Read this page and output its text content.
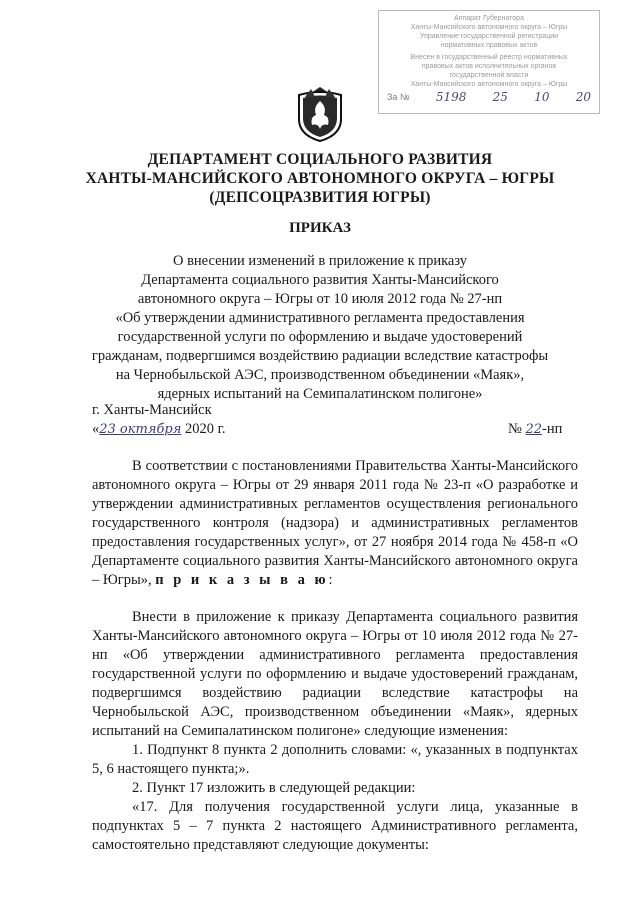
Аппарат Губернатора
Ханты-Мансийского автономного округа – Югры
Управление государственной регистрации
нормативных правовых актов
Внесен в государственный реестр нормативных
правовых актов исполнительных органов
государственной власти
Ханты-Мансийского автономного округа – Югры
За № 5198 25 10 20
ДЕПАРТАМЕНТ СОЦИАЛЬНОГО РАЗВИТИЯ
ХАНТЫ-МАНСИЙСКОГО АВТОНОМНОГО ОКРУГА – ЮГРЫ
(ДЕПСОЦРАЗВИТИЯ ЮГРЫ)
ПРИКАЗ
О внесении изменений в приложение к приказу
Департамента социального развития Ханты-Мансийского
автономного округа – Югры от 10 июля 2012 года № 27-нп
«Об утверждении административного регламента предоставления
государственной услуги по оформлению и выдаче удостоверений
гражданам, подвергшимся воздействию радиации вследствие катастрофы
на Чернобыльской АЭС, производственном объединении «Маяк»,
ядерных испытаний на Семипалатинском полигоне»
г. Ханты-Мансийск
«23 октября 2020 г.	№ 22-нп

В соответствии с постановлениями Правительства Ханты-Мансийского автономного округа – Югры от 29 января 2011 года № 23-п «О разработке и утверждении административных регламентов осуществления регионального государственного контроля (надзора) и административных регламентов предоставления государственных услуг», от 27 ноября 2014 года № 458-п «О Департаменте социального развития Ханты-Мансийского автономного округа – Югры», п р и к а з ы в а ю:

Внести в приложение к приказу Департамента социального развития Ханты-Мансийского автономного округа – Югры от 10 июля 2012 года № 27-нп «Об утверждении административного регламента предоставления государственной услуги по оформлению и выдаче удостоверений гражданам, подвергшимся воздействию радиации вследствие катастрофы на Чернобыльской АЭС, производственном объединении «Маяк», ядерных испытаний на Семипалатинском полигоне» следующие изменения:

1. Подпункт 8 пункта 2 дополнить словами: «, указанных в подпунктах 5, 6 настоящего пункта;».

2. Пункт 17 изложить в следующей редакции:

«17. Для получения государственной услуги лица, указанные в подпунктах 5 – 7 пункта 2 настоящего Административного регламента, самостоятельно представляют следующие документы:
